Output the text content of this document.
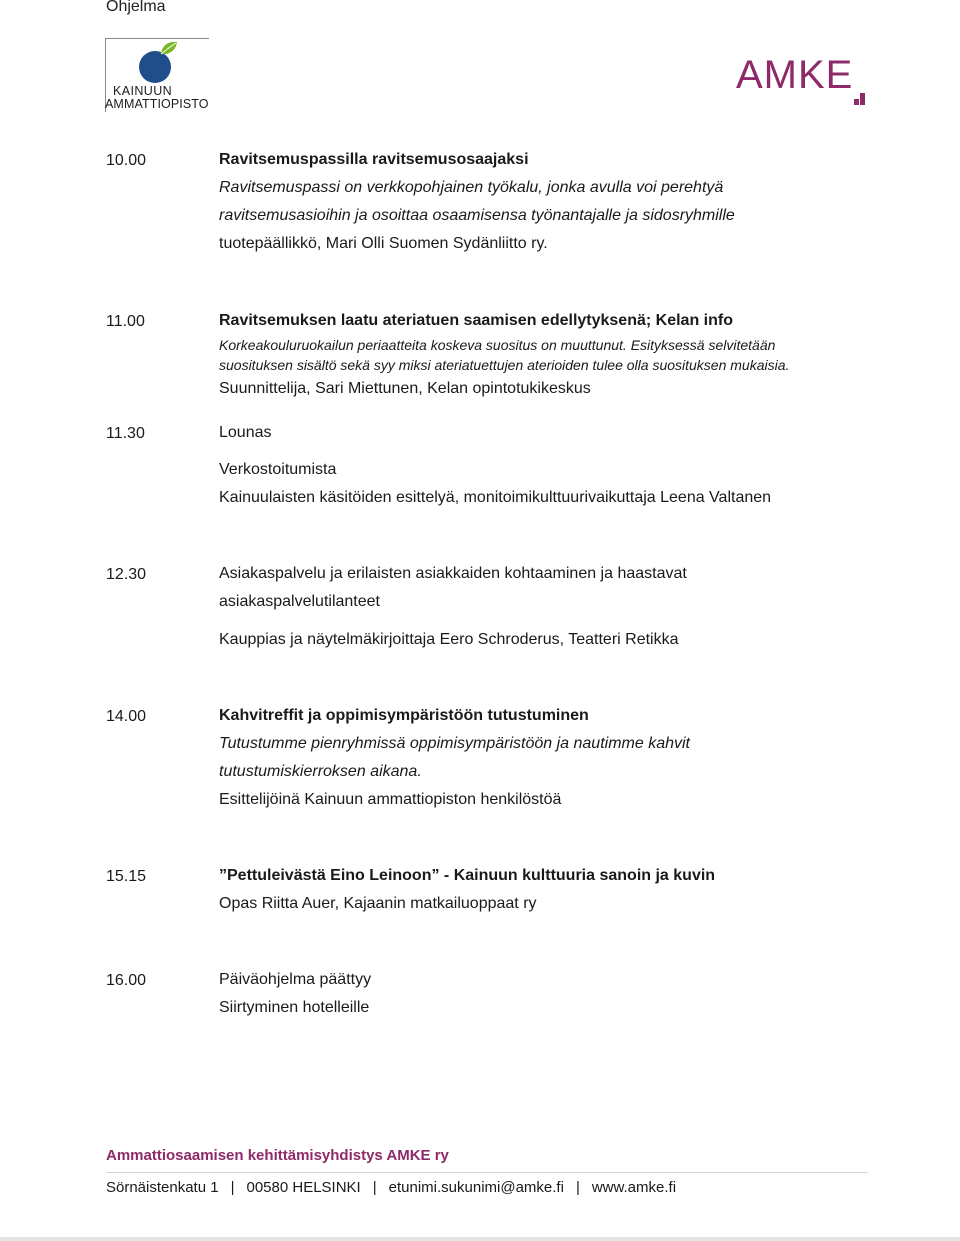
Ohjelma
KAINUUN
AMMATTIOPISTO
AMKE
10.00	Ravitsemuspassilla ravitsemusosaajaksi
Ravitsemuspassi on verkkopohjainen työkalu, jonka avulla voi perehtyä
ravitsemusasioihin ja osoittaa osaamisensa työnantajalle ja sidosryhmille
tuotepäällikkö, Mari Olli Suomen Sydänliitto ry.
11.00	Ravitsemuksen laatu ateriatuen saamisen edellytyksenä; Kelan info
Korkeakouluruokailun periaatteita koskeva suositus on muuttunut. Esityksessä selvitetään
suosituksen sisältö sekä syy miksi ateriatuettujen aterioiden tulee olla suosituksen mukaisia.
Suunnittelija, Sari Miettunen, Kelan opintotukikeskus
11.30	Lounas
Verkostoitumista
Kainuulaisten käsitöiden esittelyä, monitoimikulttuurivaikuttaja Leena Valtanen
12.30	Asiakaspalvelu ja erilaisten asiakkaiden kohtaaminen ja haastavat
asiakaspalvelutilanteet
Kauppias ja näytelmäkirjoittaja Eero Schroderus, Teatteri Retikka
14.00	Kahvitreffit ja oppimisympäristöön tutustuminen
Tutustumme pienryhmissä oppimisympäristöön ja nautimme kahvit
tutustumiskierroksen aikana.
Esittelijöinä Kainuun ammattiopiston henkilöstöä
15.15	”Pettuleivästä Eino Leinoon” - Kainuun kulttuuria sanoin ja kuvin
Opas Riitta Auer, Kajaanin matkailuoppaat ry
16.00	Päiväohjelma päättyy
Siirtyminen hotelleille
Ammattiosaamisen kehittämisyhdistys AMKE ry
Sörnäistenkatu 1 | 00580 HELSINKI | etunimi.sukunimi@amke.fi | www.amke.fi
